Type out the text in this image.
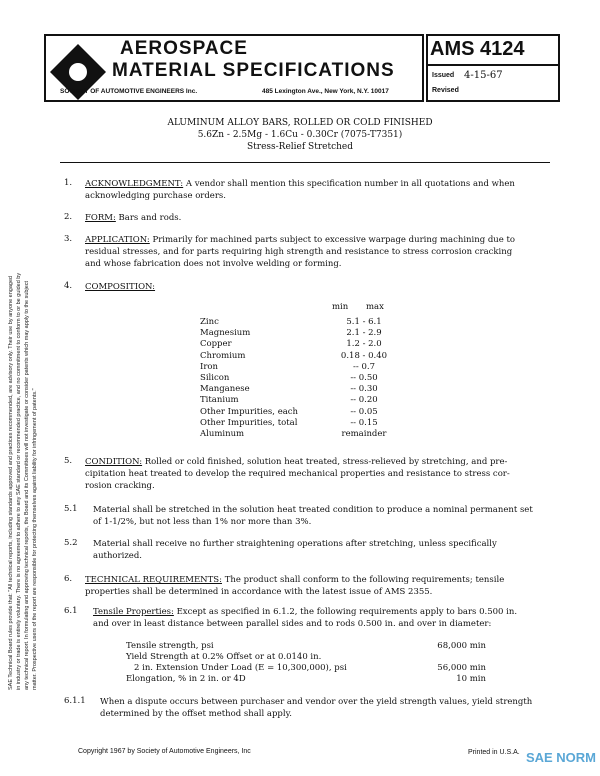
AEROSPACE
MATERIAL SPECIFICATIONS
SOCIETY OF AUTOMOTIVE ENGINEERS Inc.	485 Lexington Ave., New York, N.Y. 10017
AMS 4124
Issued 4-15-67
Revised
ALUMINUM ALLOY BARS, ROLLED OR COLD FINISHED
5.6Zn - 2.5Mg - 1.6Cu - 0.30Cr (7075-T7351)
Stress-Relief Stretched
SAE Technical Board rules provide that: "All technical reports, including standards approved and practices recommended, are advisory only. Their use by anyone engaged in industry or trade is entirely voluntary. There is no agreement to adhere to any SAE standard or recommended practice, and no commitment to conform to or be guided by any technical report. In formulating and approving technical reports, the Board and its Committees will not investigate or consider patents which may apply to the subject matter. Prospective users of the report are responsible for protecting themselves against liability for infringement of patents."
1. ACKNOWLEDGMENT: A vendor shall mention this specification number in all quotations and when
acknowledging purchase orders.
2. FORM: Bars and rods.
3. APPLICATION: Primarily for machined parts subject to excessive warpage during machining due to
residual stresses, and for parts requiring high strength and resistance to stress corrosion cracking
and whose fabrication does not involve welding or forming.
4. COMPOSITION:
min max
Zinc	5.1 - 6.1
Magnesium	2.1 - 2.9
Copper	1.2 - 2.0
Chromium	0.18 - 0.40
Iron	-- 0.7
Silicon	-- 0.50
Manganese	-- 0.30
Titanium	-- 0.20
Other Impurities, each	-- 0.05
Other Impurities, total	-- 0.15
Aluminum	remainder
5. CONDITION: Rolled or cold finished, solution heat treated, stress-relieved by stretching, and pre-
cipitation heat treated to develop the required mechanical properties and resistance to stress cor-
rosion cracking.
5.1 Material shall be stretched in the solution heat treated condition to produce a nominal permanent set
of 1-1/2%, but not less than 1% nor more than 3%.
5.2 Material shall receive no further straightening operations after stretching, unless specifically
authorized.
6. TECHNICAL REQUIREMENTS: The product shall conform to the following requirements; tensile
properties shall be determined in accordance with the latest issue of AMS 2355.
6.1 Tensile Properties: Except as specified in 6.1.2, the following requirements apply to bars 0.500 in.
and over in least distance between parallel sides and to rods 0.500 in. and over in diameter:
Tensile strength, psi	68,000 min
Yield Strength at 0.2% Offset or at 0.0140 in.
2 in. Extension Under Load (E = 10,300,000), psi	56,000 min
Elongation, % in 2 in. or 4D	10 min
6.1.1 When a dispute occurs between purchaser and vendor over the yield strength values, yield strength
determined by the offset method shall apply.
Copyright 1967 by Society of Automotive Engineers, Inc	Printed in U.S.A. SAE NORM
